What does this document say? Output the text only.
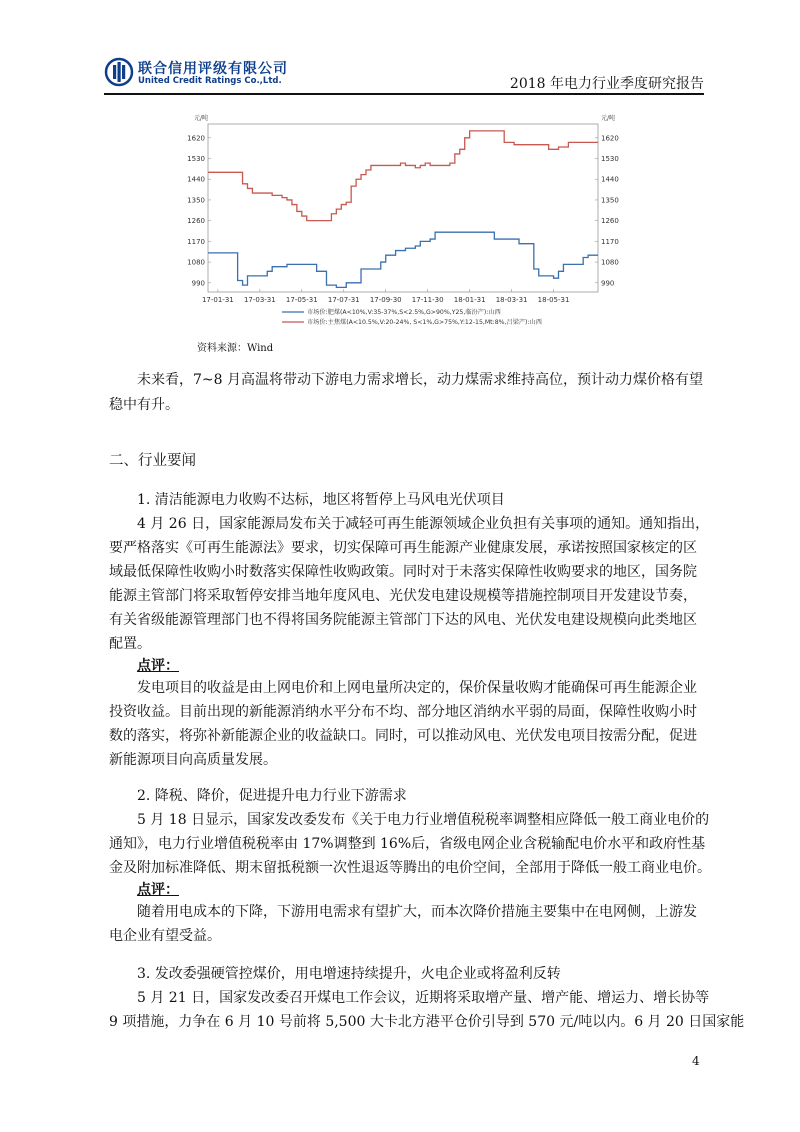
联合信用评级有限公司
United Credit Ratings Co.,Ltd.	2018 年电力行业季度研究报告
元/吨	元/吨
990	990
1080	1080
1170	1170
1260	1260
1350	1350
1440	1440
1530	1530
1620	1620
17-01-31 17-03-31 17-05-31 17-07-31 17-09-30 17-11-30 18-01-31 18-03-31 18-05-31
市场价:肥煤(A<10%,V:35-37%,S<2.5%,G>90%,Y25,临汾产):山西
市场价:主焦煤(A<10.5%,V:20-24%, S<1%,G>75%,Y:12-15,Mt:8%,吕梁产):山西
资料来源：Wind
未来看，7~8 月高温将带动下游电力需求增长，动力煤需求维持高位，预计动力煤价格有望
稳中有升。
二、行业要闻
1. 清洁能源电力收购不达标，地区将暂停上马风电光伏项目
4 月 26 日，国家能源局发布关于减轻可再生能源领域企业负担有关事项的通知。通知指出，
要严格落实《可再生能源法》要求，切实保障可再生能源产业健康发展，承诺按照国家核定的区
域最低保障性收购小时数落实保障性收购政策。同时对于未落实保障性收购要求的地区，国务院
能源主管部门将采取暂停安排当地年度风电、光伏发电建设规模等措施控制项目开发建设节奏，
有关省级能源管理部门也不得将国务院能源主管部门下达的风电、光伏发电建设规模向此类地区
配置。
点评：
发电项目的收益是由上网电价和上网电量所决定的，保价保量收购才能确保可再生能源企业
投资收益。目前出现的新能源消纳水平分布不均、部分地区消纳水平弱的局面，保障性收购小时
数的落实，将弥补新能源企业的收益缺口。同时，可以推动风电、光伏发电项目按需分配，促进
新能源项目向高质量发展。
2. 降税、降价，促进提升电力行业下游需求
5 月 18 日显示，国家发改委发布《关于电力行业增值税税率调整相应降低一般工商业电价的
通知》，电力行业增值税税率由 17%调整到 16%后，省级电网企业含税输配电价水平和政府性基
金及附加标准降低、期末留抵税额一次性退返等腾出的电价空间，全部用于降低一般工商业电价。
点评：
随着用电成本的下降，下游用电需求有望扩大，而本次降价措施主要集中在电网侧，上游发
电企业有望受益。
3. 发改委强硬管控煤价，用电增速持续提升，火电企业或将盈利反转
5 月 21 日，国家发改委召开煤电工作会议，近期将采取增产量、增产能、增运力、增长协等
9 项措施，力争在 6 月 10 号前将 5,500 大卡北方港平仓价引导到 570 元/吨以内。6 月 20 日国家能
4
